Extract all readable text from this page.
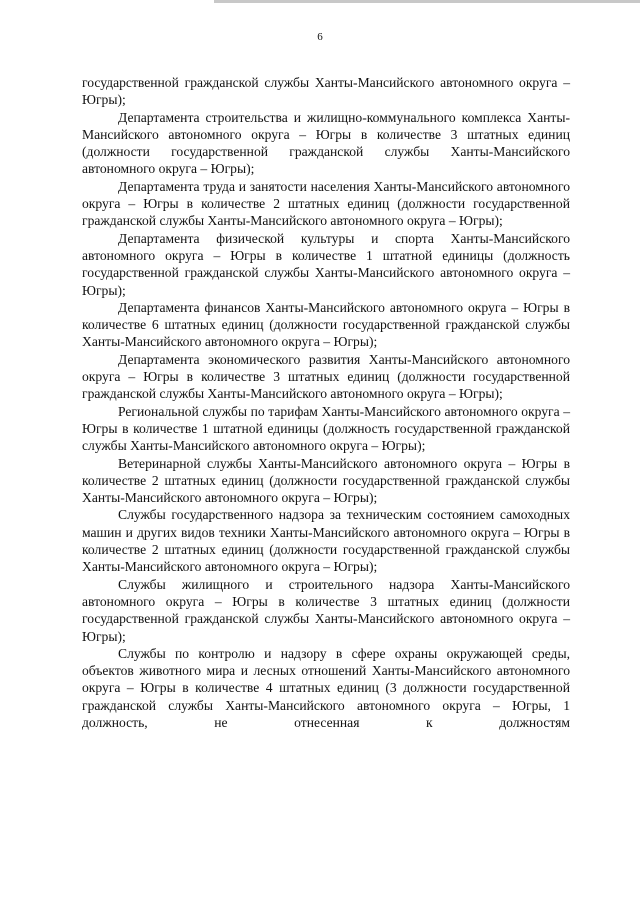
6

государственной гражданской службы Ханты-Мансийского автономного округа – Югры);

Департамента строительства и жилищно-коммунального комплекса Ханты-Мансийского автономного округа – Югры в количестве 3 штатных единиц (должности государственной гражданской службы Ханты-Мансийского автономного округа – Югры);

Департамента труда и занятости населения Ханты-Мансийского автономного округа – Югры в количестве 2 штатных единиц (должности государственной гражданской службы Ханты-Мансийского автономного округа – Югры);

Департамента физической культуры и спорта Ханты-Мансийского автономного округа – Югры в количестве 1 штатной единицы (должность государственной гражданской службы Ханты-Мансийского автономного округа – Югры);

Департамента финансов Ханты-Мансийского автономного округа – Югры в количестве 6 штатных единиц (должности государственной гражданской службы Ханты-Мансийского автономного округа – Югры);

Департамента экономического развития Ханты-Мансийского автономного округа – Югры в количестве 3 штатных единиц (должности государственной гражданской службы Ханты-Мансийского автономного округа – Югры);

Региональной службы по тарифам Ханты-Мансийского автономного округа – Югры в количестве 1 штатной единицы (должность государственной гражданской службы Ханты-Мансийского автономного округа – Югры);

Ветеринарной службы Ханты-Мансийского автономного округа – Югры в количестве 2 штатных единиц (должности государственной гражданской службы Ханты-Мансийского автономного округа – Югры);

Службы государственного надзора за техническим состоянием самоходных машин и других видов техники Ханты-Мансийского автономного округа – Югры в количестве 2 штатных единиц (должности государственной гражданской службы Ханты-Мансийского автономного округа – Югры);

Службы жилищного и строительного надзора Ханты-Мансийского автономного округа – Югры в количестве 3 штатных единиц (должности государственной гражданской службы Ханты-Мансийского автономного округа – Югры);

Службы по контролю и надзору в сфере охраны окружающей среды, объектов животного мира и лесных отношений Ханты-Мансийского автономного округа – Югры в количестве 4 штатных единиц (3 должности государственной гражданской службы Ханты-Мансийского автономного округа – Югры, 1 должность, не отнесенная к должностям
